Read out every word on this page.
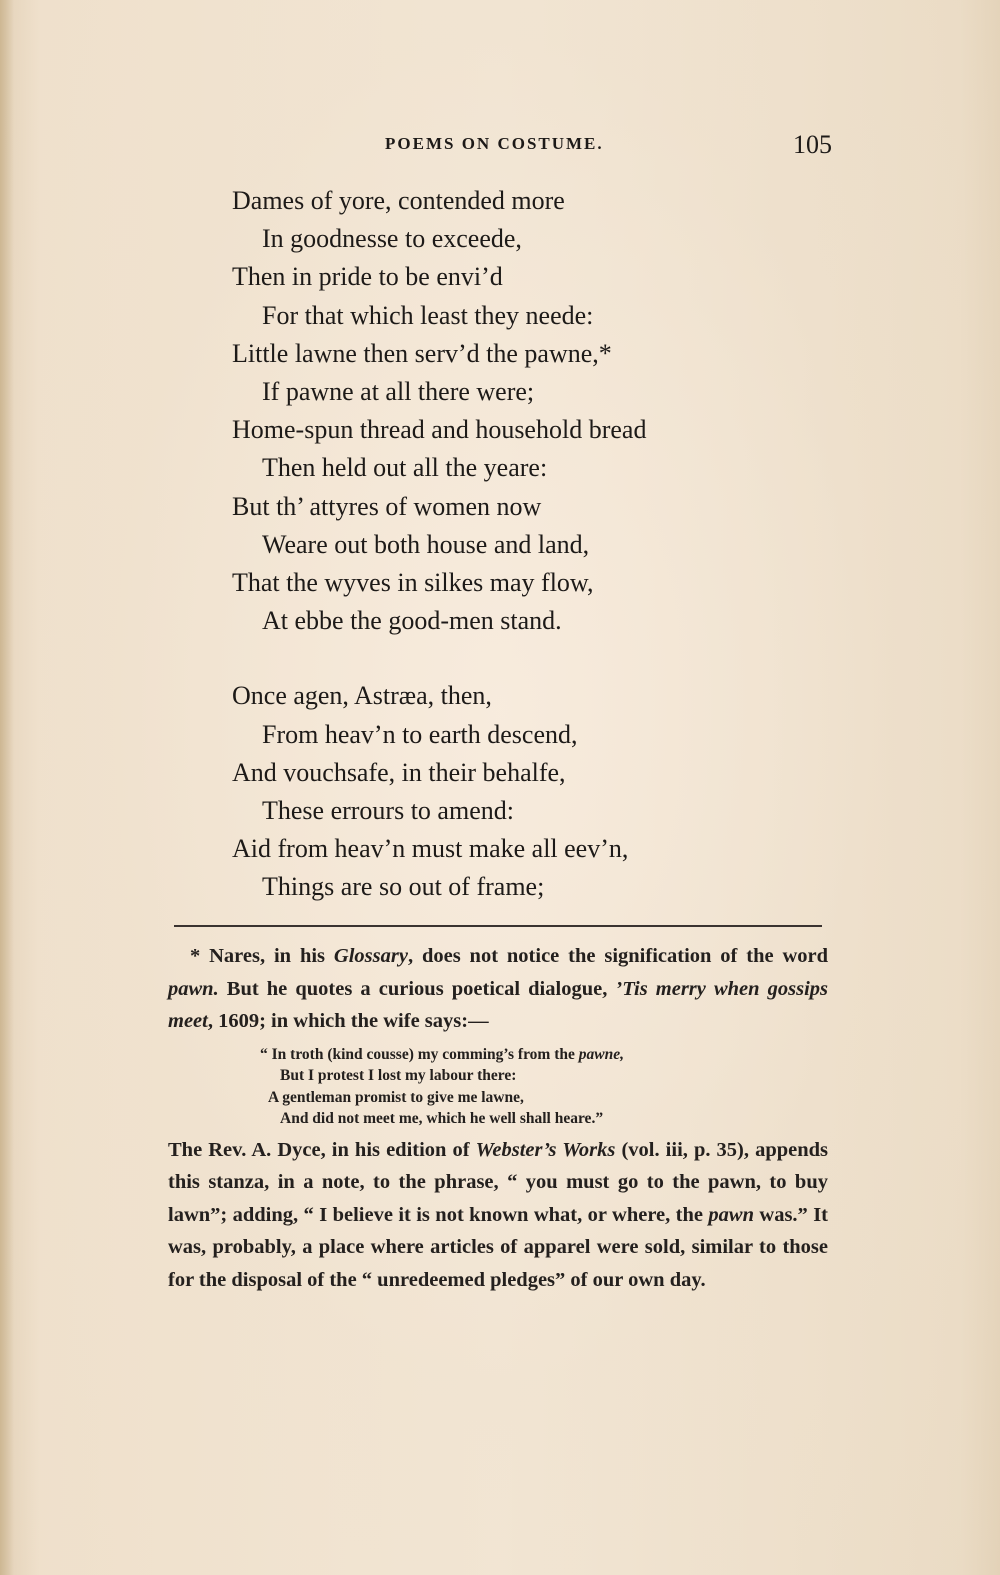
POEMS ON COSTUME.	105
Dames of yore, contended more
In goodnesse to exceede,
Then in pride to be envi’d
For that which least they neede:
Little lawne then serv’d the pawne,*
If pawne at all there were;
Home-spun thread and household bread
Then held out all the yeare:
But th’ attyres of women now
Weare out both house and land,
That the wyves in silkes may flow,
At ebbe the good-men stand.
Once agen, Astræa, then,
From heav’n to earth descend,
And vouchsafe, in their behalfe,
These errours to amend:
Aid from heav’n must make all eev’n,
Things are so out of frame;

* Nares, in his Glossary, does not notice the signification of the word pawn. But he quotes a curious poetical dialogue, ’Tis merry when gossips meet, 1609; in which the wife says:—

“ In troth (kind cousse) my comming’s from the pawne,
But I protest I lost my labour there:
A gentleman promist to give me lawne,
And did not meet me, which he well shall heare.”

The Rev. A. Dyce, in his edition of Webster’s Works (vol. iii, p. 35), appends this stanza, in a note, to the phrase, “ you must go to the pawn, to buy lawn”; adding, “ I believe it is not known what, or where, the pawn was.” It was, probably, a place where articles of apparel were sold, similar to those for the disposal of the “ unredeemed pledges” of our own day.
